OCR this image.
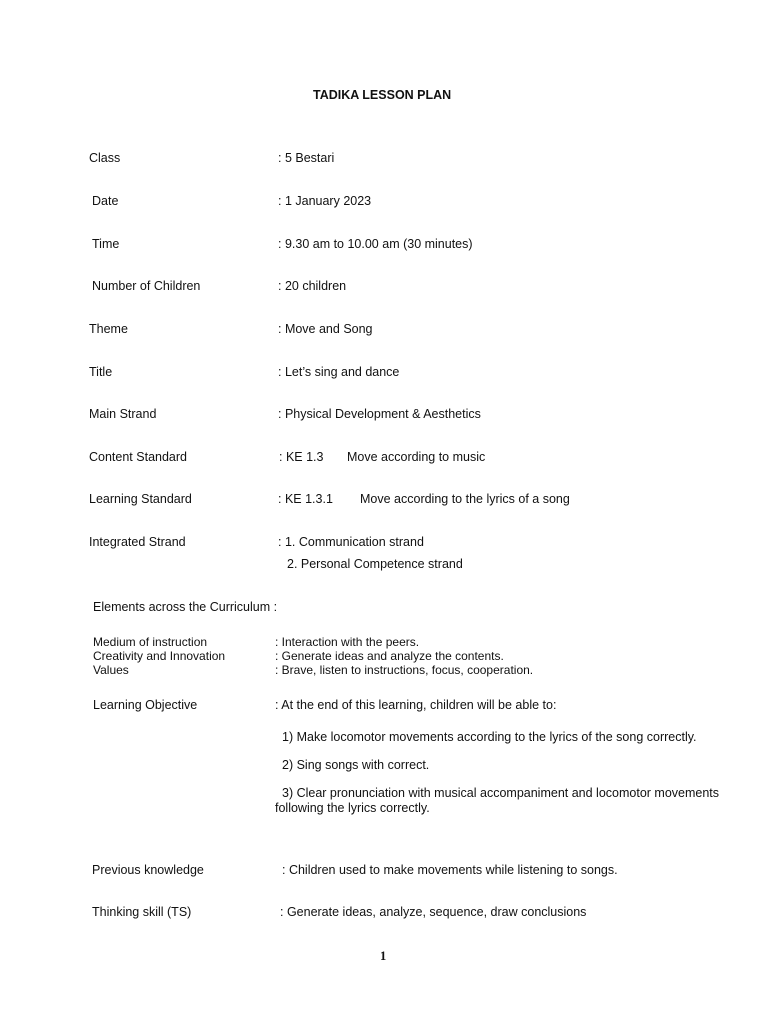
TADIKA LESSON PLAN
Class	: 5 Bestari
Date	: 1 January 2023
Time	: 9.30 am to 10.00 am (30 minutes)
Number of Children	: 20 children
Theme	: Move and Song
Title	: Let’s sing and dance
Main Strand	: Physical Development & Aesthetics
Content Standard	: KE 1.3 Move according to music
Learning Standard	: KE 1.3.1 Move according to the lyrics of a song
Integrated Strand	: 1. Communication strand
2. Personal Competence strand
Elements across the Curriculum :
Medium of instruction	: Interaction with the peers.
Creativity and Innovation	: Generate ideas and analyze the contents.
Values	: Brave, listen to instructions, focus, cooperation.
Learning Objective	: At the end of this learning, children will be able to:
1) Make locomotor movements according to the lyrics of the song correctly.
2) Sing songs with correct.
3) Clear pronunciation with musical accompaniment and locomotor movements
following the lyrics correctly.
Previous knowledge	: Children used to make movements while listening to songs.
Thinking skill (TS)	: Generate ideas, analyze, sequence, draw conclusions
1
